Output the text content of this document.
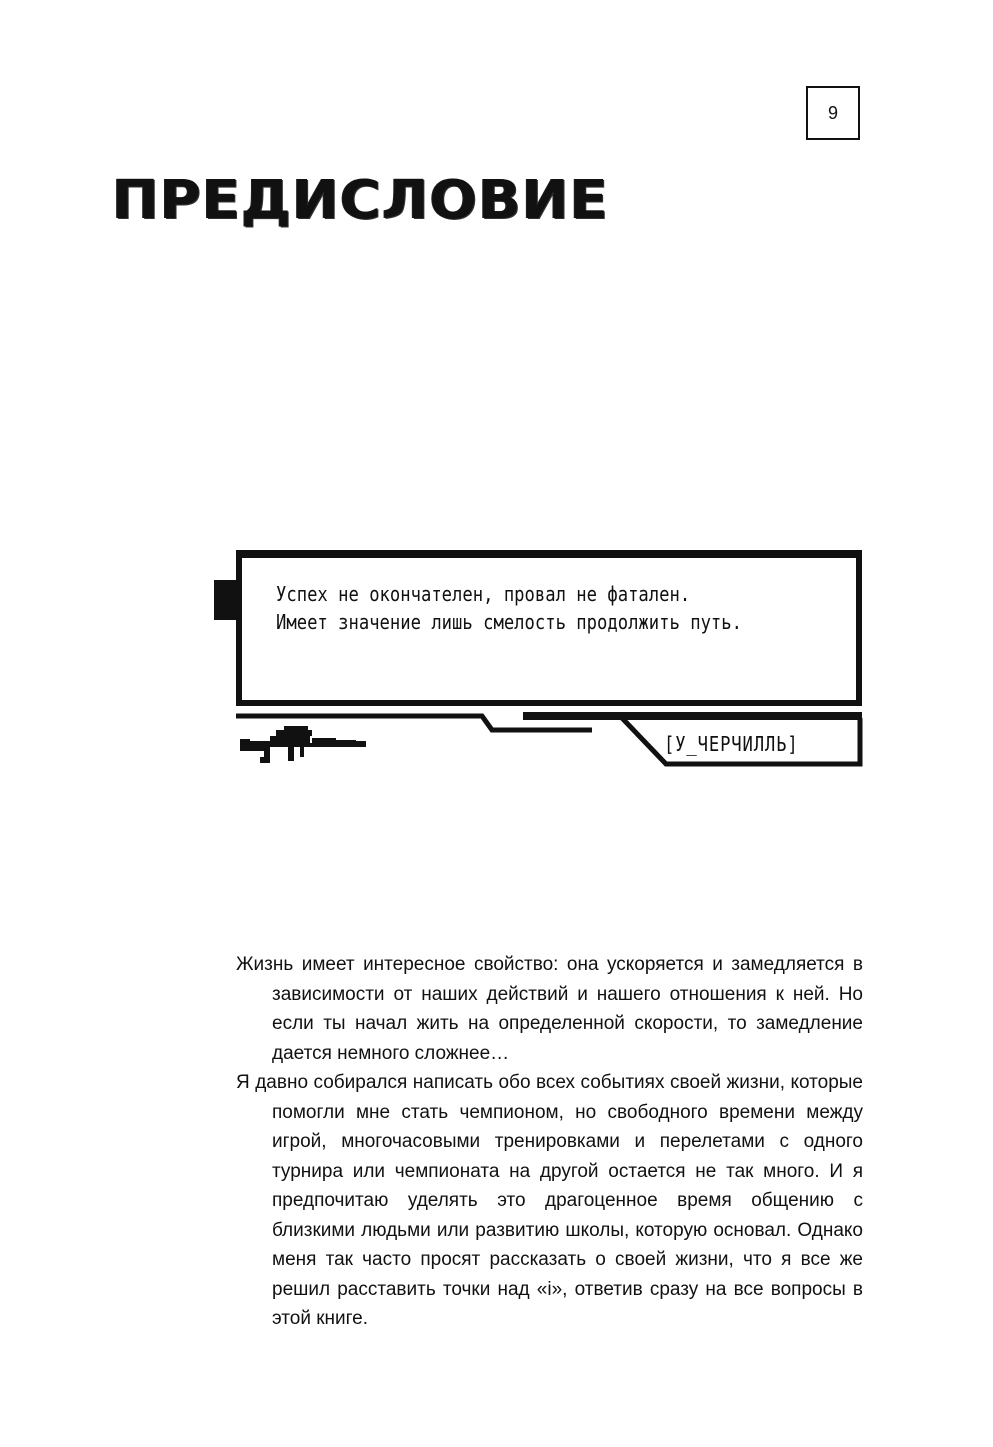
9
ПРЕДИСЛОВИЕ

Успех не окончателен, провал не фатален.
Имеет значение лишь смелость продолжить путь.

[У_ЧЕРЧИЛЛЬ]

Жизнь имеет интересное свойство: она ускоряется и замедляется в зависимости от наших действий и нашего отношения к ней. Но если ты начал жить на определенной скорости, то замедление дается немного сложнее…

Я давно собирался написать обо всех событиях своей жизни, которые помогли мне стать чемпионом, но свободного времени между игрой, многочасовыми тренировками и перелетами с одного турнира или чемпионата на другой остается не так много. И я предпочитаю уделять это драгоценное время общению с близкими людьми или развитию школы, которую основал. Однако меня так часто просят рассказать о своей жизни, что я все же решил расставить точки над «i», ответив сразу на все вопросы в этой книге.
